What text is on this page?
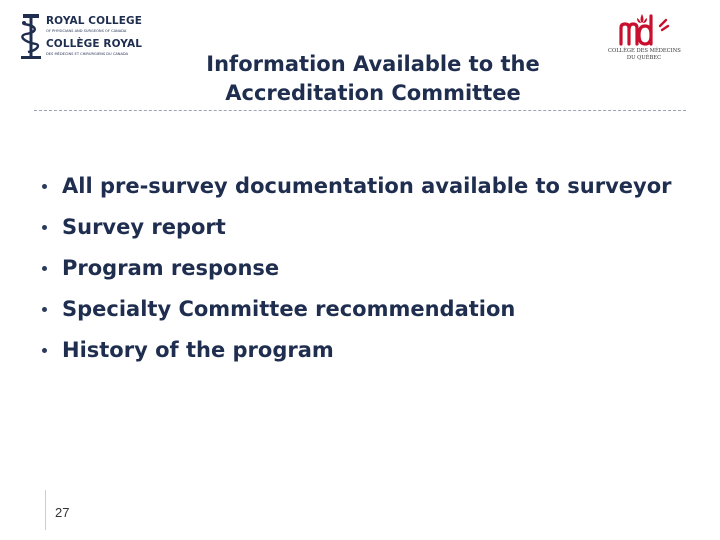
ROYAL COLLEGE
OF PHYSICIANS AND SURGEONS OF CANADA
COLLÈGE ROYAL
DES MÉDECINS ET CHIRURGIENS DU CANADA	COLLÈGE DES MÉDECINS
DU QUÉBEC
Information Available to the
Accreditation Committee
All pre-survey documentation available to surveyor
Survey report
Program response
Specialty Committee recommendation
History of the program
27
